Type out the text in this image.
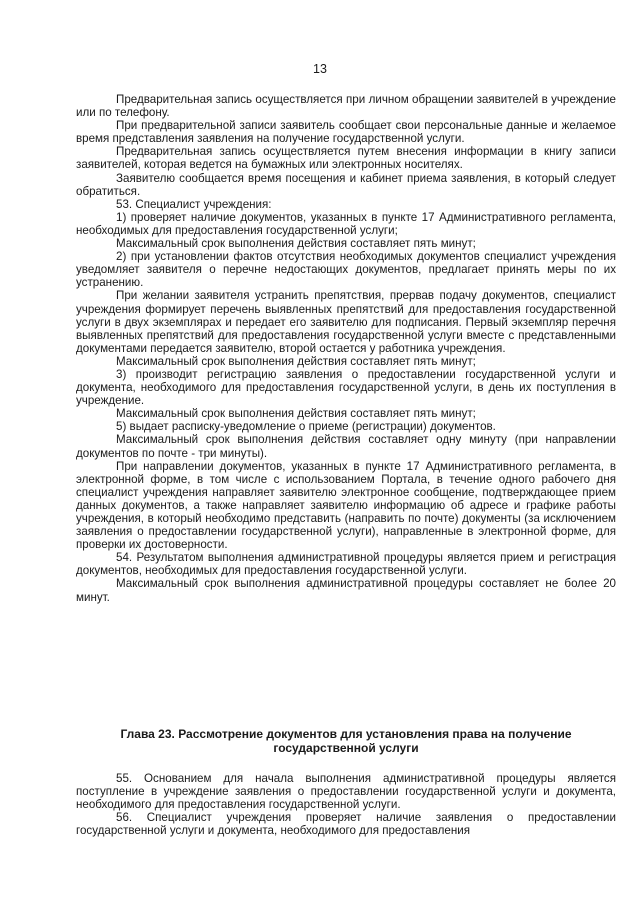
13

Предварительная запись осуществляется при личном обращении заявителей в учреждение или по телефону.

При предварительной записи заявитель сообщает свои персональные данные и желаемое время представления заявления на получение государственной услуги.

Предварительная запись осуществляется путем внесения информации в книгу записи заявителей, которая ведется на бумажных или электронных носителях.

Заявителю сообщается время посещения и кабинет приема заявления, в который следует обратиться.

53. Специалист учреждения:

1) проверяет наличие документов, указанных в пункте 17 Административного регламента, необходимых для предоставления государственной услуги;

Максимальный срок выполнения действия составляет пять минут;

2) при установлении фактов отсутствия необходимых документов специалист учреждения уведомляет заявителя о перечне недостающих документов, предлагает принять меры по их устранению.

При желании заявителя устранить препятствия, прервав подачу документов, специалист учреждения формирует перечень выявленных препятствий для предоставления государственной услуги в двух экземплярах и передает его заявителю для подписания. Первый экземпляр перечня выявленных препятствий для предоставления государственной услуги вместе с представленными документами передается заявителю, второй остается у работника учреждения.

Максимальный срок выполнения действия составляет пять минут;

3) производит регистрацию заявления о предоставлении государственной услуги и документа, необходимого для предоставления государственной услуги, в день их поступления в учреждение.

Максимальный срок выполнения действия составляет пять минут;

5) выдает расписку-уведомление о приеме (регистрации) документов.

Максимальный срок выполнения действия составляет одну минуту (при направлении документов по почте - три минуты).

При направлении документов, указанных в пункте 17 Административного регламента, в электронной форме, в том числе с использованием Портала, в течение одного рабочего дня специалист учреждения направляет заявителю электронное сообщение, подтверждающее прием данных документов, а также направляет заявителю информацию об адресе и графике работы учреждения, в который необходимо представить (направить по почте) документы (за исключением заявления о предоставлении государственной услуги), направленные в электронной форме, для проверки их достоверности.

54. Результатом выполнения административной процедуры является прием и регистрация документов, необходимых для предоставления государственной услуги.

Максимальный срок выполнения административной процедуры составляет не более 20 минут.

Глава 23. Рассмотрение документов для установления права на получение государственной услуги

55. Основанием для начала выполнения административной процедуры является поступление в учреждение заявления о предоставлении государственной услуги и документа, необходимого для предоставления государственной услуги.

56. Специалист учреждения проверяет наличие заявления о предоставлении государственной услуги и документа, необходимого для предоставления
